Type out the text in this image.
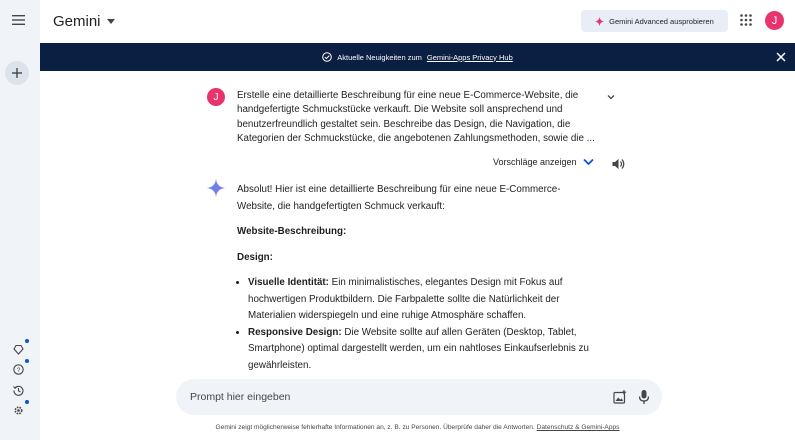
?
Gemini	Gemini Advanced ausprobieren	J
Aktuelle Neuigkeiten zum Gemini-Apps Privacy Hub
J	Erstelle eine detaillierte Beschreibung für eine neue E-Commerce-Website, die handgefertigte Schmuckstücke verkauft. Die Website soll ansprechend und benutzerfreundlich gestaltet sein. Beschreibe das Design, die Navigation, die Kategorien der Schmuckstücke, die angebotenen Zahlungsmethoden, sowie die ...
Vorschläge anzeigen

Absolut! Hier ist eine detaillierte Beschreibung für eine neue E-Commerce-Website, die handgefertigten Schmuck verkauft:

Website-Beschreibung:
Design:
• Visuelle Identität: Ein minimalistisches, elegantes Design mit Fokus auf hochwertigen Produktbildern. Die Farbpalette sollte die Natürlichkeit der Materialien widerspiegeln und eine ruhige Atmosphäre schaffen.
• Responsive Design: Die Website sollte auf allen Geräten (Desktop, Tablet, Smartphone) optimal dargestellt werden, um ein nahtloses Einkaufserlebnis zu gewährleisten.
Prompt hier eingeben
Gemini zeigt möglicherweise fehlerhafte Informationen an, z. B. zu Personen. Überprüfe daher die Antworten. Datenschutz & Gemini-Apps
